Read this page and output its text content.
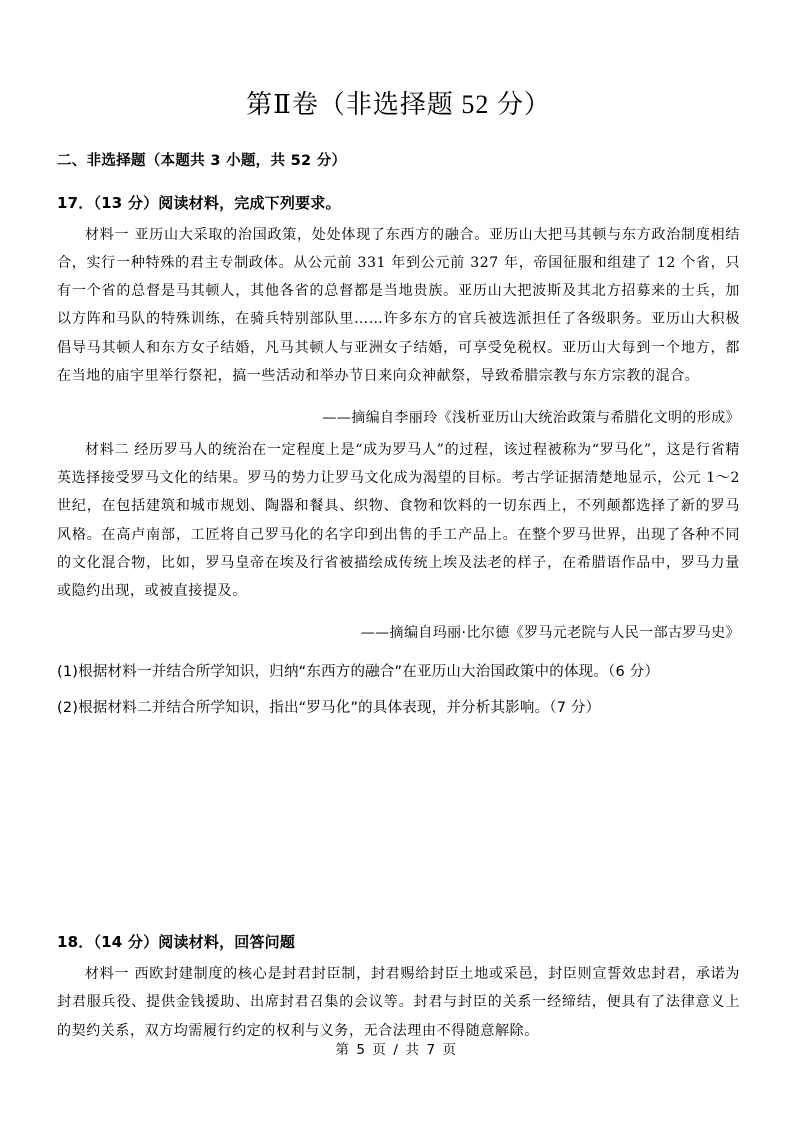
第Ⅱ卷（非选择题 52 分）
二、非选择题（本题共 3 小题，共 52 分）
17．（13 分）阅读材料，完成下列要求。

材料一 亚历山大采取的治国政策，处处体现了东西方的融合。亚历山大把马其顿与东方政治制度相结合，实行一种特殊的君主专制政体。从公元前 331 年到公元前 327 年，帝国征服和组建了 12 个省，只有一个省的总督是马其顿人，其他各省的总督都是当地贵族。亚历山大把波斯及其北方招募来的士兵，加以方阵和马队的特殊训练，在骑兵特别部队里……许多东方的官兵被选派担任了各级职务。亚历山大积极倡导马其顿人和东方女子结婚，凡马其顿人与亚洲女子结婚，可享受免税权。亚历山大每到一个地方，都在当地的庙宇里举行祭祀，搞一些活动和举办节日来向众神献祭，导致希腊宗教与东方宗教的混合。

——摘编自李丽玲《浅析亚历山大统治政策与希腊化文明的形成》

材料二 经历罗马人的统治在一定程度上是“成为罗马人”的过程，该过程被称为“罗马化”，这是行省精英选择接受罗马文化的结果。罗马的势力让罗马文化成为渴望的目标。考古学证据清楚地显示，公元 1～2 世纪，在包括建筑和城市规划、陶器和餐具、织物、食物和饮料的一切东西上，不列颠都选择了新的罗马风格。在高卢南部，工匠将自己罗马化的名字印到出售的手工产品上。在整个罗马世界，出现了各种不同的文化混合物，比如，罗马皇帝在埃及行省被描绘成传统上埃及法老的样子，在希腊语作品中，罗马力量或隐约出现，或被直接提及。

——摘编自玛丽·比尔德《罗马元老院与人民一部古罗马史》
(1)根据材料一并结合所学知识，归纳“东西方的融合”在亚历山大治国政策中的体现。（6 分）
(2)根据材料二并结合所学知识，指出“罗马化”的具体表现，并分析其影响。（7 分）
18．（14 分）阅读材料，回答问题

材料一 西欧封建制度的核心是封君封臣制，封君赐给封臣土地或采邑，封臣则宣誓效忠封君，承诺为封君服兵役、提供金钱援助、出席封君召集的会议等。封君与封臣的关系一经缔结，便具有了法律意义上的契约关系，双方均需履行约定的权利与义务，无合法理由不得随意解除。

第 5 页 / 共 7 页
